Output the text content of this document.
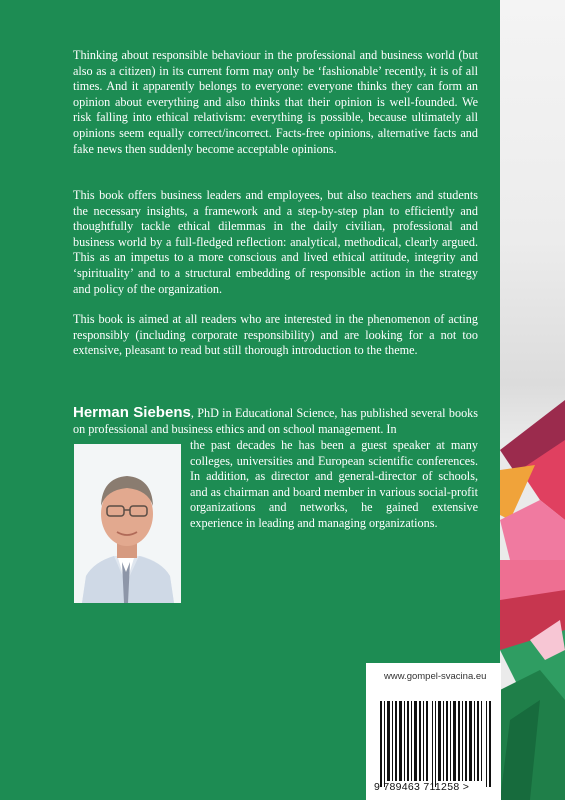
Thinking about responsible behaviour in the professional and business world (but also as a citizen) in its current form may only be ‘fashionable’ recently, it is of all times. And it apparently belongs to everyone: everyone thinks they can form an opinion about everything and also thinks that their opinion is well-founded. We risk falling into ethical relativism: everything is possible, because ultimately all opinions seem equally correct/incorrect. Facts-free opinions, alternative facts and fake news then suddenly become acceptable opinions.
This book offers business leaders and employees, but also teachers and students the necessary insights, a framework and a step-by-step plan to efficiently and thoughtfully tackle ethical dilemmas in the daily civilian, professional and business world by a full-fledged reflection: analytical, methodical, clearly argued. This as an impetus to a more conscious and lived ethical attitude, integrity and ‘spirituality’ and to a structural embedding of responsible action in the strategy and policy of the organization.
This book is aimed at all readers who are interested in the phenomenon of acting responsibly (including corporate responsibility) and are looking for a not too extensive, pleasant to read but still thorough introduction to the theme.
Herman Siebens, PhD in Educational Science, has published several books on professional and business ethics and on school management. In
the past decades he has been a guest speaker at many colleges, universities and European scientific conferences. In addition, as director and general-director of schools, and as chairman and board member in various social-profit organizations and networks, he gained extensive experience in leading and managing organizations.
www.gompel-svacina.eu
9 789463 711258 >
